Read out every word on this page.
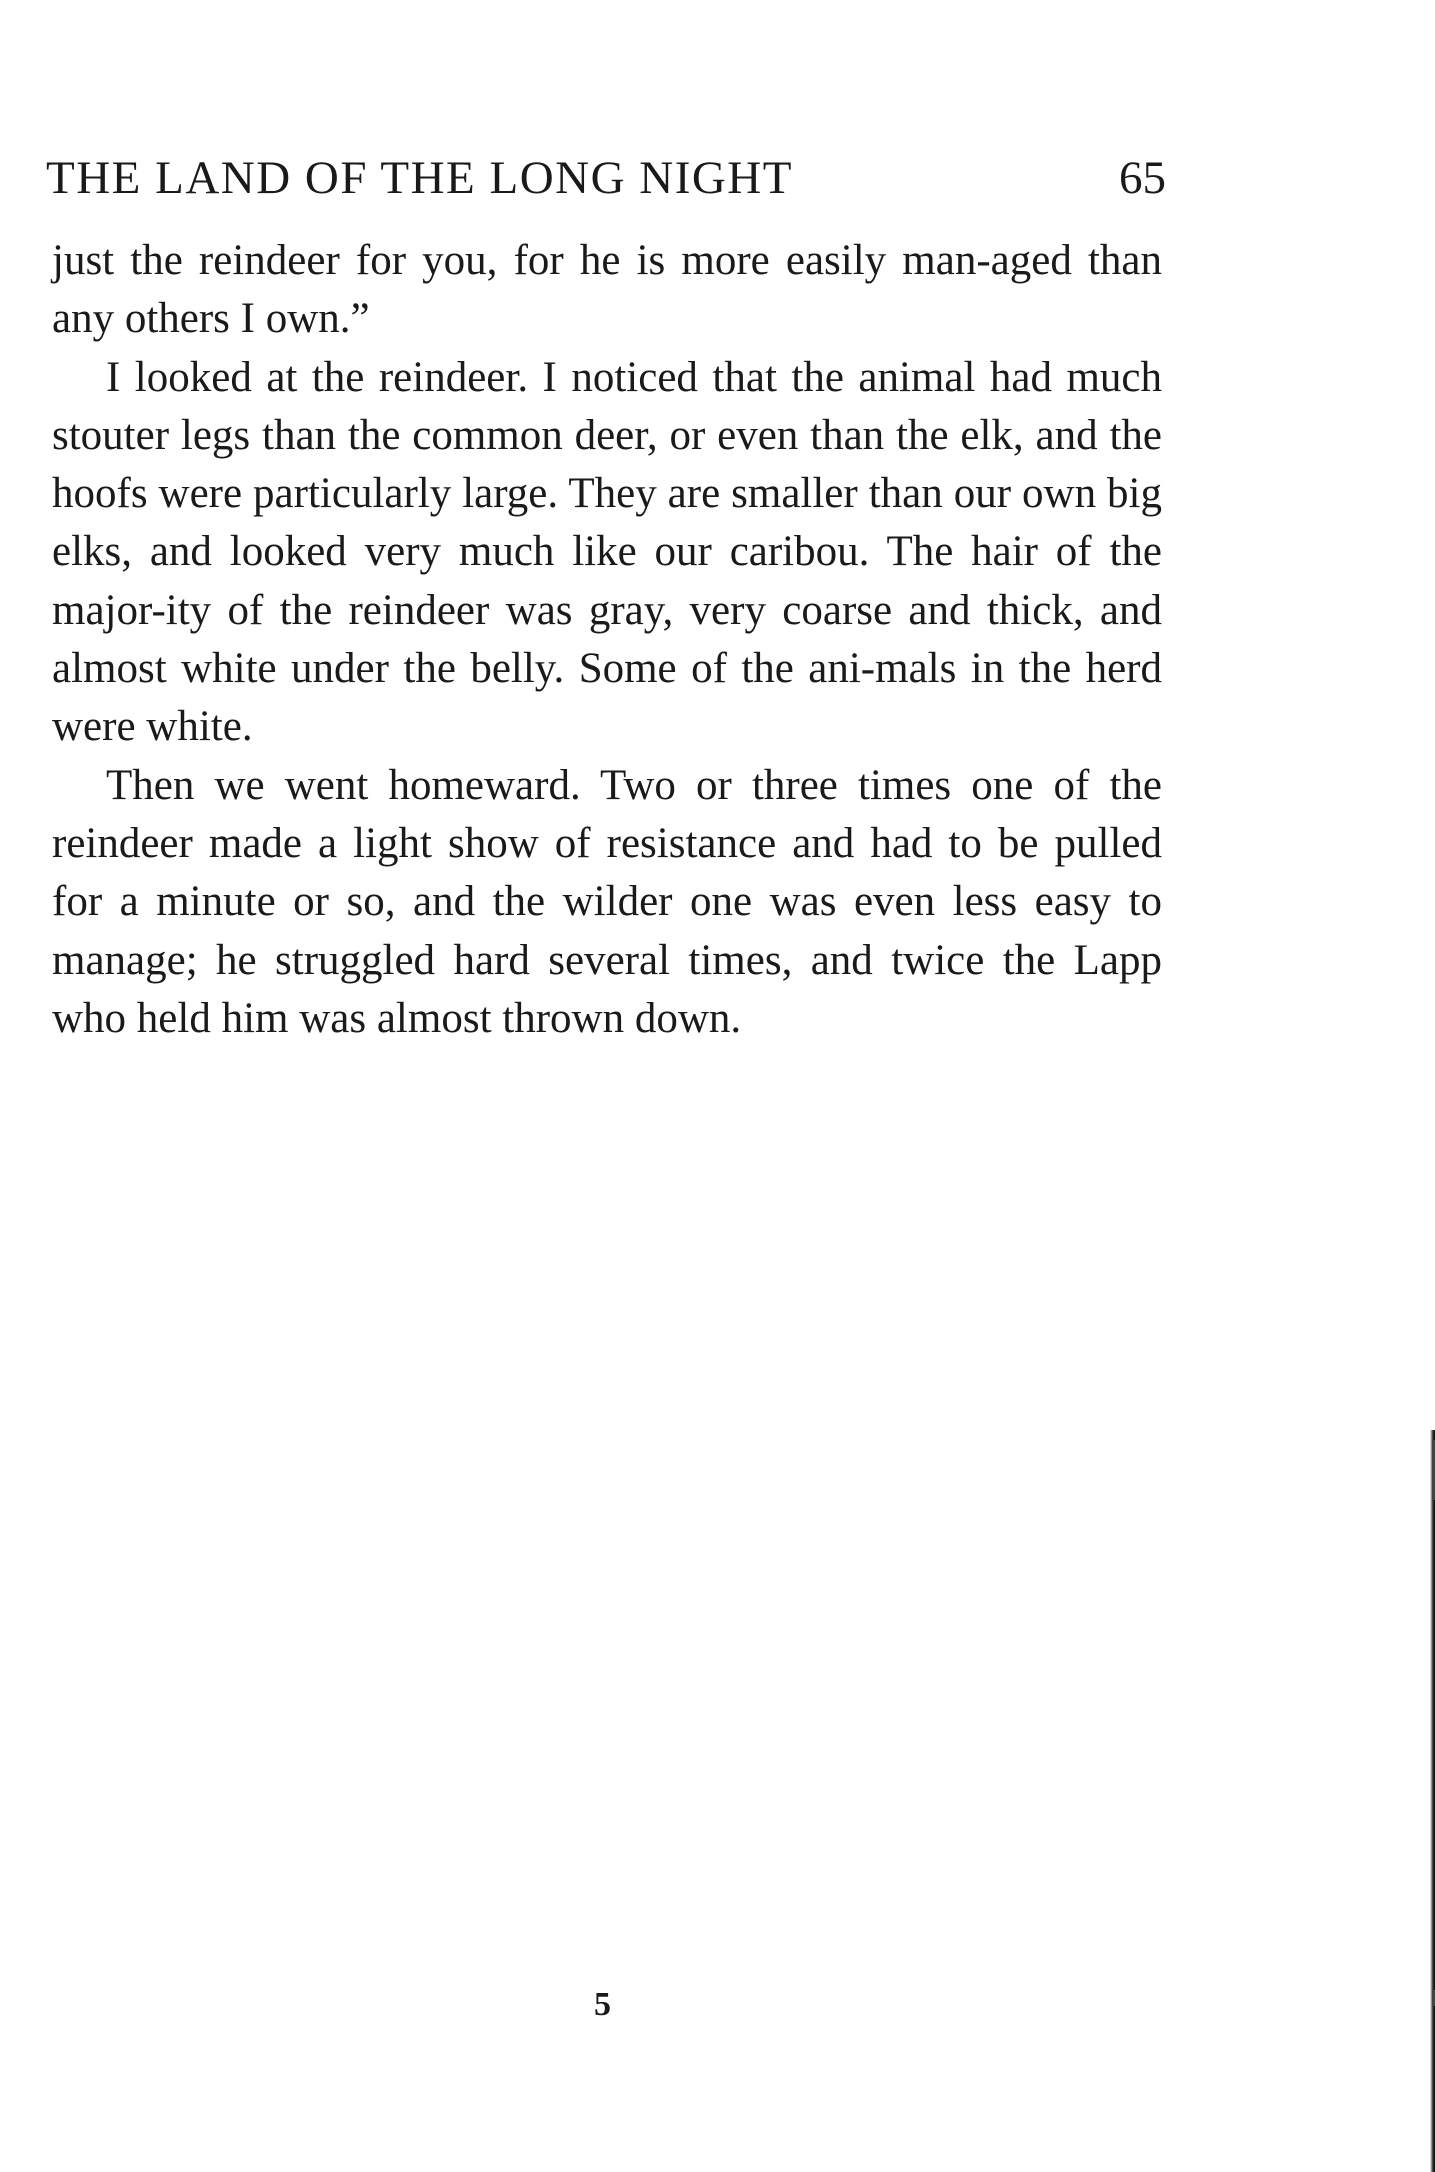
THE LAND OF THE LONG NIGHT	65

just the reindeer for you, for he is more easily man-aged than any others I own.”

I looked at the reindeer. I noticed that the animal had much stouter legs than the common deer, or even than the elk, and the hoofs were particularly large. They are smaller than our own big elks, and looked very much like our caribou. The hair of the major-ity of the reindeer was gray, very coarse and thick, and almost white under the belly. Some of the ani-mals in the herd were white.

Then we went homeward. Two or three times one of the reindeer made a light show of resistance and had to be pulled for a minute or so, and the wilder one was even less easy to manage; he struggled hard several times, and twice the Lapp who held him was almost thrown down.

5
